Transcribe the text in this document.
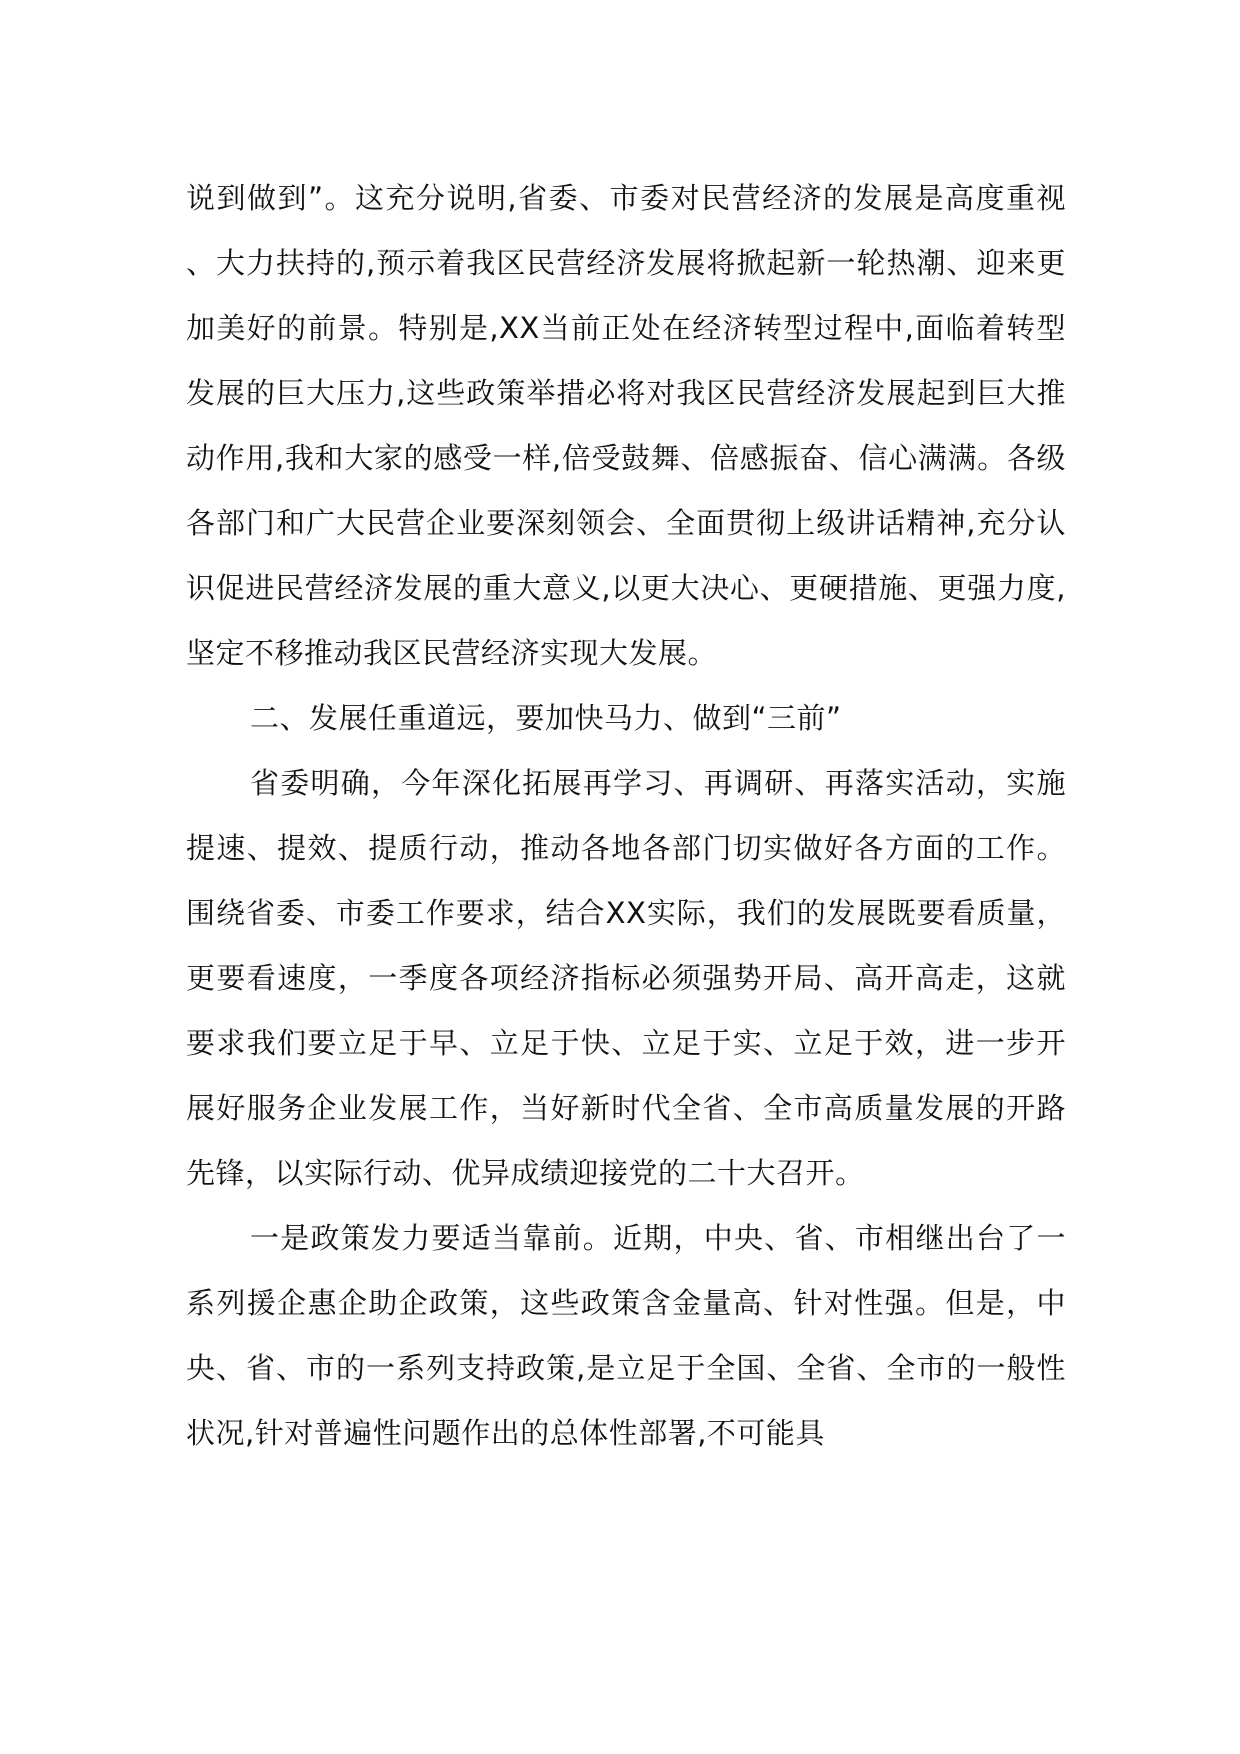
说到做到”。这充分说明,省委、市委对民营经济的发展是高度重视、大力扶持的,预示着我区民营经济发展将掀起新一轮热潮、迎来更加美好的前景。特别是,XX当前正处在经济转型过程中,面临着转型发展的巨大压力,这些政策举措必将对我区民营经济发展起到巨大推动作用,我和大家的感受一样,倍受鼓舞、倍感振奋、信心满满。各级各部门和广大民营企业要深刻领会、全面贯彻上级讲话精神,充分认识促进民营经济发展的重大意义,以更大决心、更硬措施、更强力度,坚定不移推动我区民营经济实现大发展。

二、发展任重道远，要加快马力、做到“三前”

省委明确，今年深化拓展再学习、再调研、再落实活动，实施提速、提效、提质行动，推动各地各部门切实做好各方面的工作。围绕省委、市委工作要求，结合XX实际，我们的发展既要看质量，更要看速度，一季度各项经济指标必须强势开局、高开高走，这就要求我们要立足于早、立足于快、立足于实、立足于效，进一步开展好服务企业发展工作，当好新时代全省、全市高质量发展的开路先锋，以实际行动、优异成绩迎接党的二十大召开。

一是政策发力要适当靠前。近期，中央、省、市相继出台了一系列援企惠企助企政策，这些政策含金量高、针对性强。但是，中央、省、市的一系列支持政策,是立足于全国、全省、全市的一般性状况,针对普遍性问题作出的总体性部署,不可能具
